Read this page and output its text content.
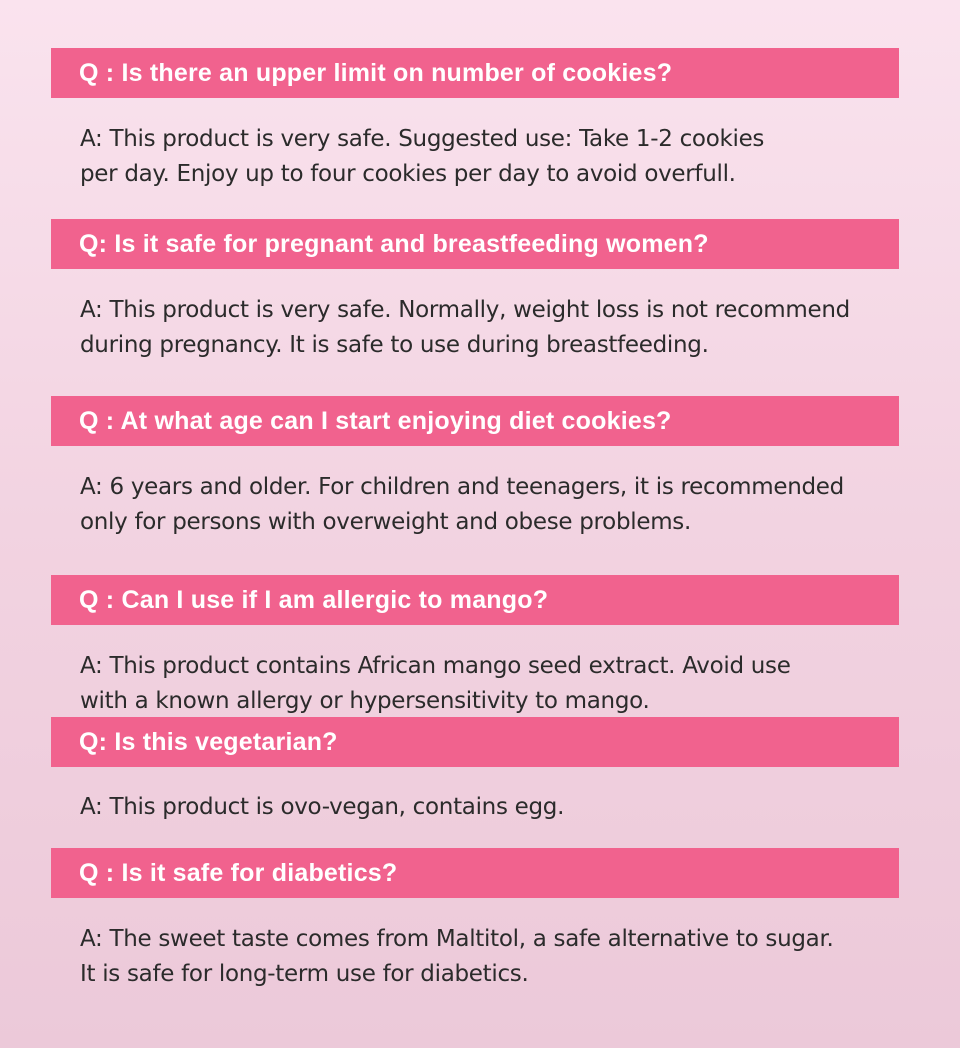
Q : Is there an upper limit on number of cookies?
A: This product is very safe. Suggested use: Take 1-2 cookies
per day. Enjoy up to four cookies per day to avoid overfull.
Q: Is it safe for pregnant and breastfeeding women?
A: This product is very safe. Normally, weight loss is not recommend
during pregnancy. It is safe to use during breastfeeding.
Q : At what age can I start enjoying diet cookies?
A: 6 years and older. For children and teenagers, it is recommended
only for persons with overweight and obese problems.
Q : Can I use if I am allergic to mango?
A: This product contains African mango seed extract. Avoid use
with a known allergy or hypersensitivity to mango.
Q: Is this vegetarian?
A: This product is ovo-vegan, contains egg.
Q : Is it safe for diabetics?
A: The sweet taste comes from Maltitol, a safe alternative to sugar.
It is safe for long-term use for diabetics.
